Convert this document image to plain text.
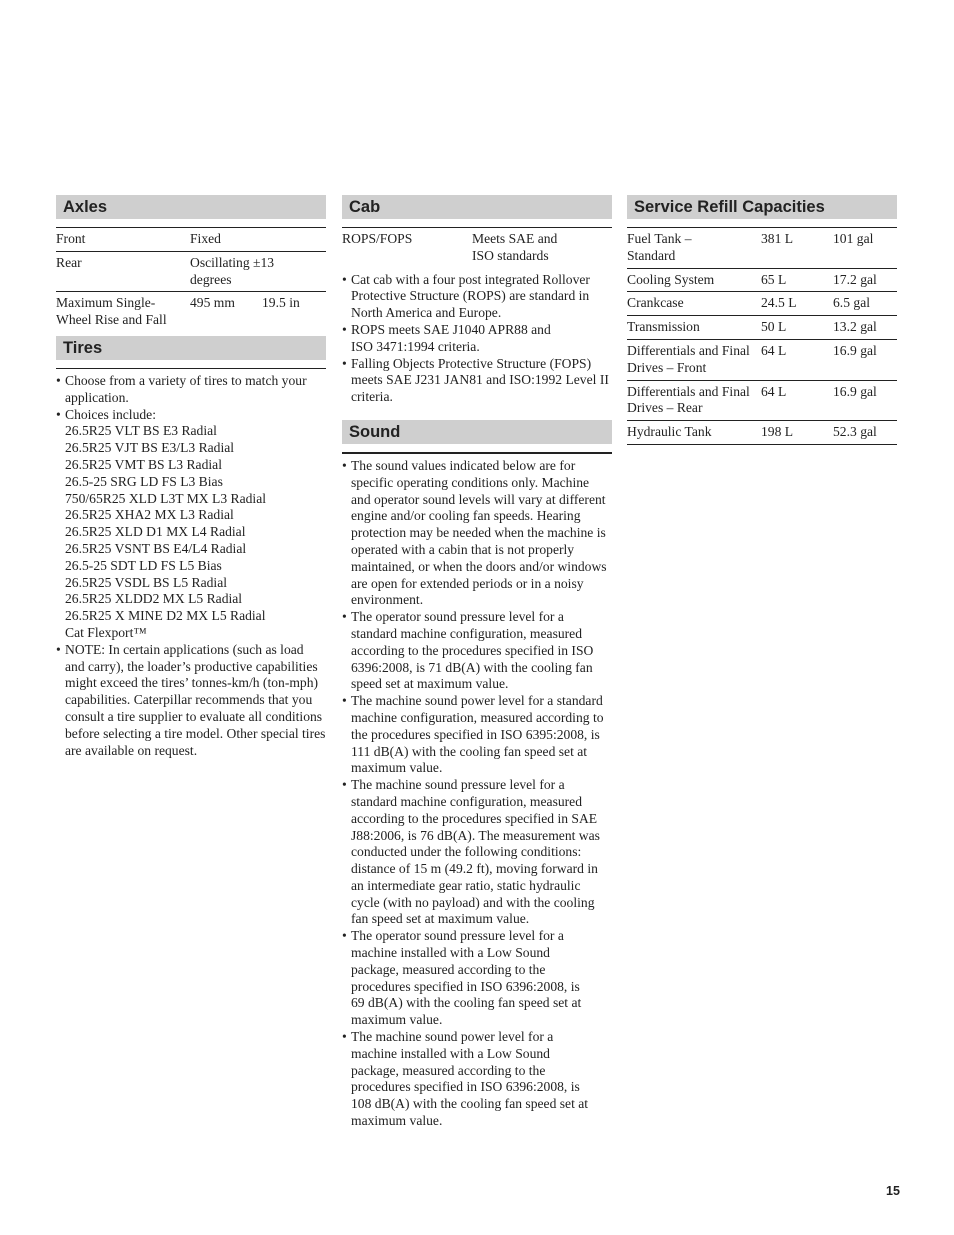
Axles
Front	Fixed	
Rear	Oscillating ±13 degrees	
Maximum Single-Wheel Rise and Fall	495 mm	19.5 in
Tires
• Choose from a variety of tires to match your application.
• Choices include:
26.5R25 VLT BS E3 Radial
26.5R25 VJT BS E3/L3 Radial
26.5R25 VMT BS L3 Radial
26.5-25 SRG LD FS L3 Bias
750/65R25 XLD L3T MX L3 Radial
26.5R25 XHA2 MX L3 Radial
26.5R25 XLD D1 MX L4 Radial
26.5R25 VSNT BS E4/L4 Radial
26.5-25 SDT LD FS L5 Bias
26.5R25 VSDL BS L5 Radial
26.5R25 XLDD2 MX L5 Radial
26.5R25 X MINE D2 MX L5 Radial
Cat Flexport™
• NOTE: In certain applications (such as load and carry), the loader’s productive capabilities might exceed the tires’ tonnes-km/h (ton-mph) capabilities. Caterpillar recommends that you consult a tire supplier to evaluate all conditions before selecting a tire model. Other special tires are available on request.
Cab
ROPS/FOPS	Meets SAE and ISO standards
• Cat cab with a four post integrated Rollover Protective Structure (ROPS) are standard in North America and Europe.
• ROPS meets SAE J1040 APR88 and ISO 3471:1994 criteria.
• Falling Objects Protective Structure (FOPS) meets SAE J231 JAN81 and ISO:1992 Level II criteria.
Sound
• The sound values indicated below are for specific operating conditions only. Machine and operator sound levels will vary at different engine and/or cooling fan speeds. Hearing protection may be needed when the machine is operated with a cabin that is not properly maintained, or when the doors and/or windows are open for extended periods or in a noisy environment.
• The operator sound pressure level for a standard machine configuration, measured according to the procedures specified in ISO 6396:2008, is 71 dB(A) with the cooling fan speed set at maximum value.
• The machine sound power level for a standard machine configuration, measured according to the procedures specified in ISO 6395:2008, is 111 dB(A) with the cooling fan speed set at maximum value.
• The machine sound pressure level for a standard machine configuration, measured according to the procedures specified in SAE J88:2006, is 76 dB(A). The measurement was conducted under the following conditions: distance of 15 m (49.2 ft), moving forward in an intermediate gear ratio, static hydraulic cycle (with no payload) and with the cooling fan speed set at maximum value.
• The operator sound pressure level for a machine installed with a Low Sound package, measured according to the procedures specified in ISO 6396:2008, is 69 dB(A) with the cooling fan speed set at maximum value.
• The machine sound power level for a machine installed with a Low Sound package, measured according to the procedures specified in ISO 6396:2008, is 108 dB(A) with the cooling fan speed set at maximum value.
Service Refill Capacities
Fuel Tank – Standard	381 L	101 gal
Cooling System	65 L	17.2 gal
Crankcase	24.5 L	6.5 gal
Transmission	50 L	13.2 gal
Differentials and Final Drives – Front	64 L	16.9 gal
Differentials and Final Drives – Rear	64 L	16.9 gal
Hydraulic Tank	198 L	52.3 gal
15
